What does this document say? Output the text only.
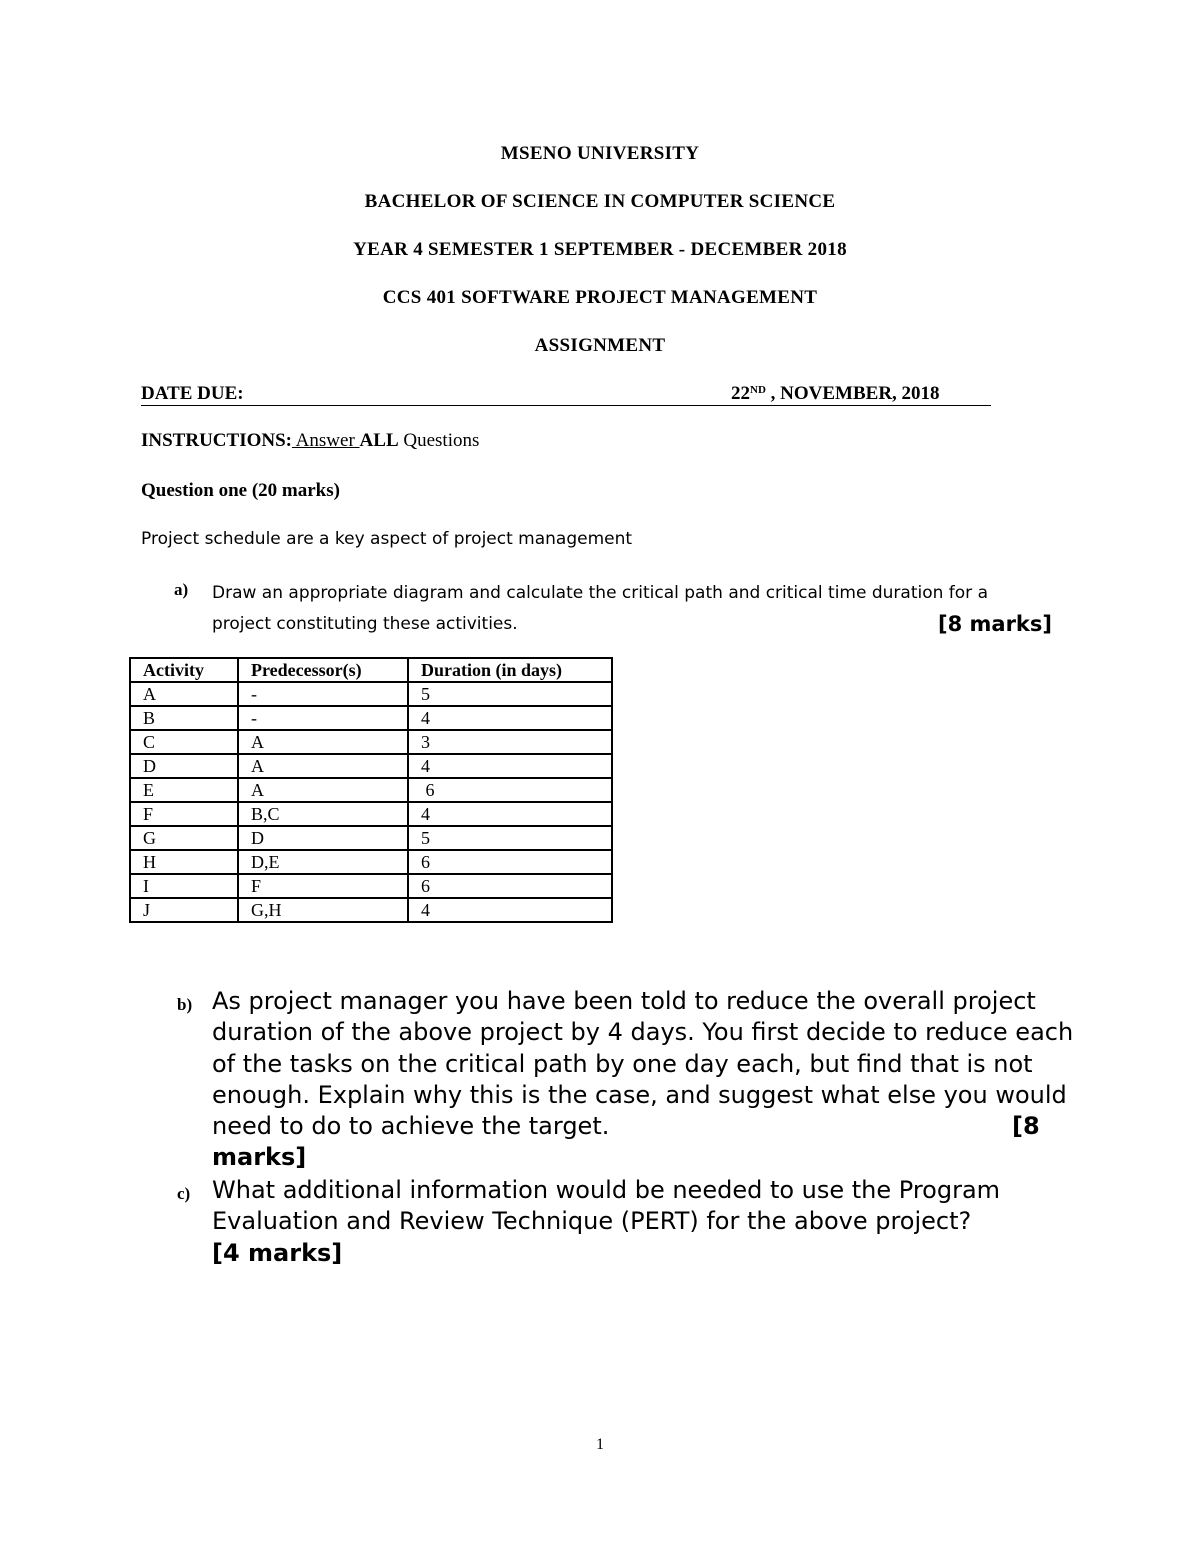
MSENO UNIVERSITY
BACHELOR OF SCIENCE IN COMPUTER SCIENCE
YEAR 4 SEMESTER 1 SEPTEMBER - DECEMBER 2018
CCS 401 SOFTWARE PROJECT MANAGEMENT
ASSIGNMENT
DATE DUE:	22ND , NOVEMBER, 2018
INSTRUCTIONS: Answer ALL Questions
Question one (20 marks)
Project schedule are a key aspect of project management
a) Draw an appropriate diagram and calculate the critical path and critical time duration for a
project constituting these activities.	[8 marks]
Activity	Predecessor(s)	Duration (in days)
A	-	5
B	-	4
C	A	3
D	A	4
E	A	6
F	B,C	4
G	D	5
H	D,E	6
I	F	6
J	G,H	4
b) As project manager you have been told to reduce the overall project
duration of the above project by 4 days. You first decide to reduce each
of the tasks on the critical path by one day each, but find that is not
enough. Explain why this is the case, and suggest what else you would
need to do to achieve the target.	[8
marks]
c) What additional information would be needed to use the Program
Evaluation and Review Technique (PERT) for the above project?
[4 marks]
1
